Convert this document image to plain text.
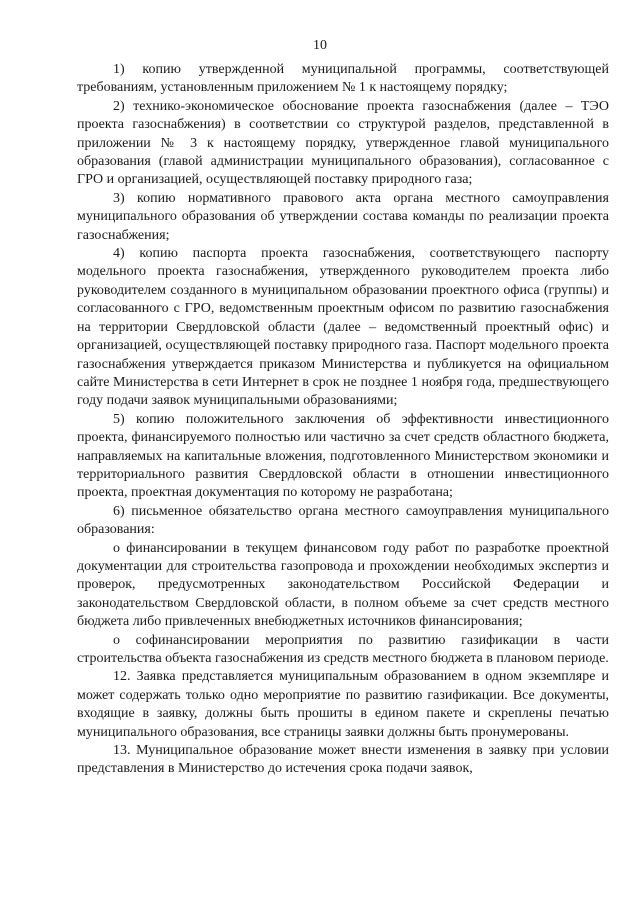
10

1) копию утвержденной муниципальной программы, соответствующей требованиям, установленным приложением № 1 к настоящему порядку;

2) технико-экономическое обоснование проекта газоснабжения (далее – ТЭО проекта газоснабжения) в соответствии со структурой разделов, представленной в приложении № 3 к настоящему порядку, утвержденное главой муниципального образования (главой администрации муниципального образования), согласованное с ГРО и организацией, осуществляющей поставку природного газа;

3) копию нормативного правового акта органа местного самоуправления муниципального образования об утверждении состава команды по реализации проекта газоснабжения;

4) копию паспорта проекта газоснабжения, соответствующего паспорту модельного проекта газоснабжения, утвержденного руководителем проекта либо руководителем созданного в муниципальном образовании проектного офиса (группы) и согласованного с ГРО, ведомственным проектным офисом по развитию газоснабжения на территории Свердловской области (далее – ведомственный проектный офис) и организацией, осуществляющей поставку природного газа. Паспорт модельного проекта газоснабжения утверждается приказом Министерства и публикуется на официальном сайте Министерства в сети Интернет в срок не позднее 1 ноября года, предшествующего году подачи заявок муниципальными образованиями;

5) копию положительного заключения об эффективности инвестиционного проекта, финансируемого полностью или частично за счет средств областного бюджета, направляемых на капитальные вложения, подготовленного Министерством экономики и территориального развития Свердловской области в отношении инвестиционного проекта, проектная документация по которому не разработана;

6) письменное обязательство органа местного самоуправления муниципального образования:

о финансировании в текущем финансовом году работ по разработке проектной документации для строительства газопровода и прохождении необходимых экспертиз и проверок, предусмотренных законодательством Российской Федерации и законодательством Свердловской области, в полном объеме за счет средств местного бюджета либо привлеченных внебюджетных источников финансирования;

о софинансировании мероприятия по развитию газификации в части строительства объекта газоснабжения из средств местного бюджета в плановом периоде.

12. Заявка представляется муниципальным образованием в одном экземпляре и может содержать только одно мероприятие по развитию газификации. Все документы, входящие в заявку, должны быть прошиты в едином пакете и скреплены печатью муниципального образования, все страницы заявки должны быть пронумерованы.

13. Муниципальное образование может внести изменения в заявку при условии представления в Министерство до истечения срока подачи заявок,
